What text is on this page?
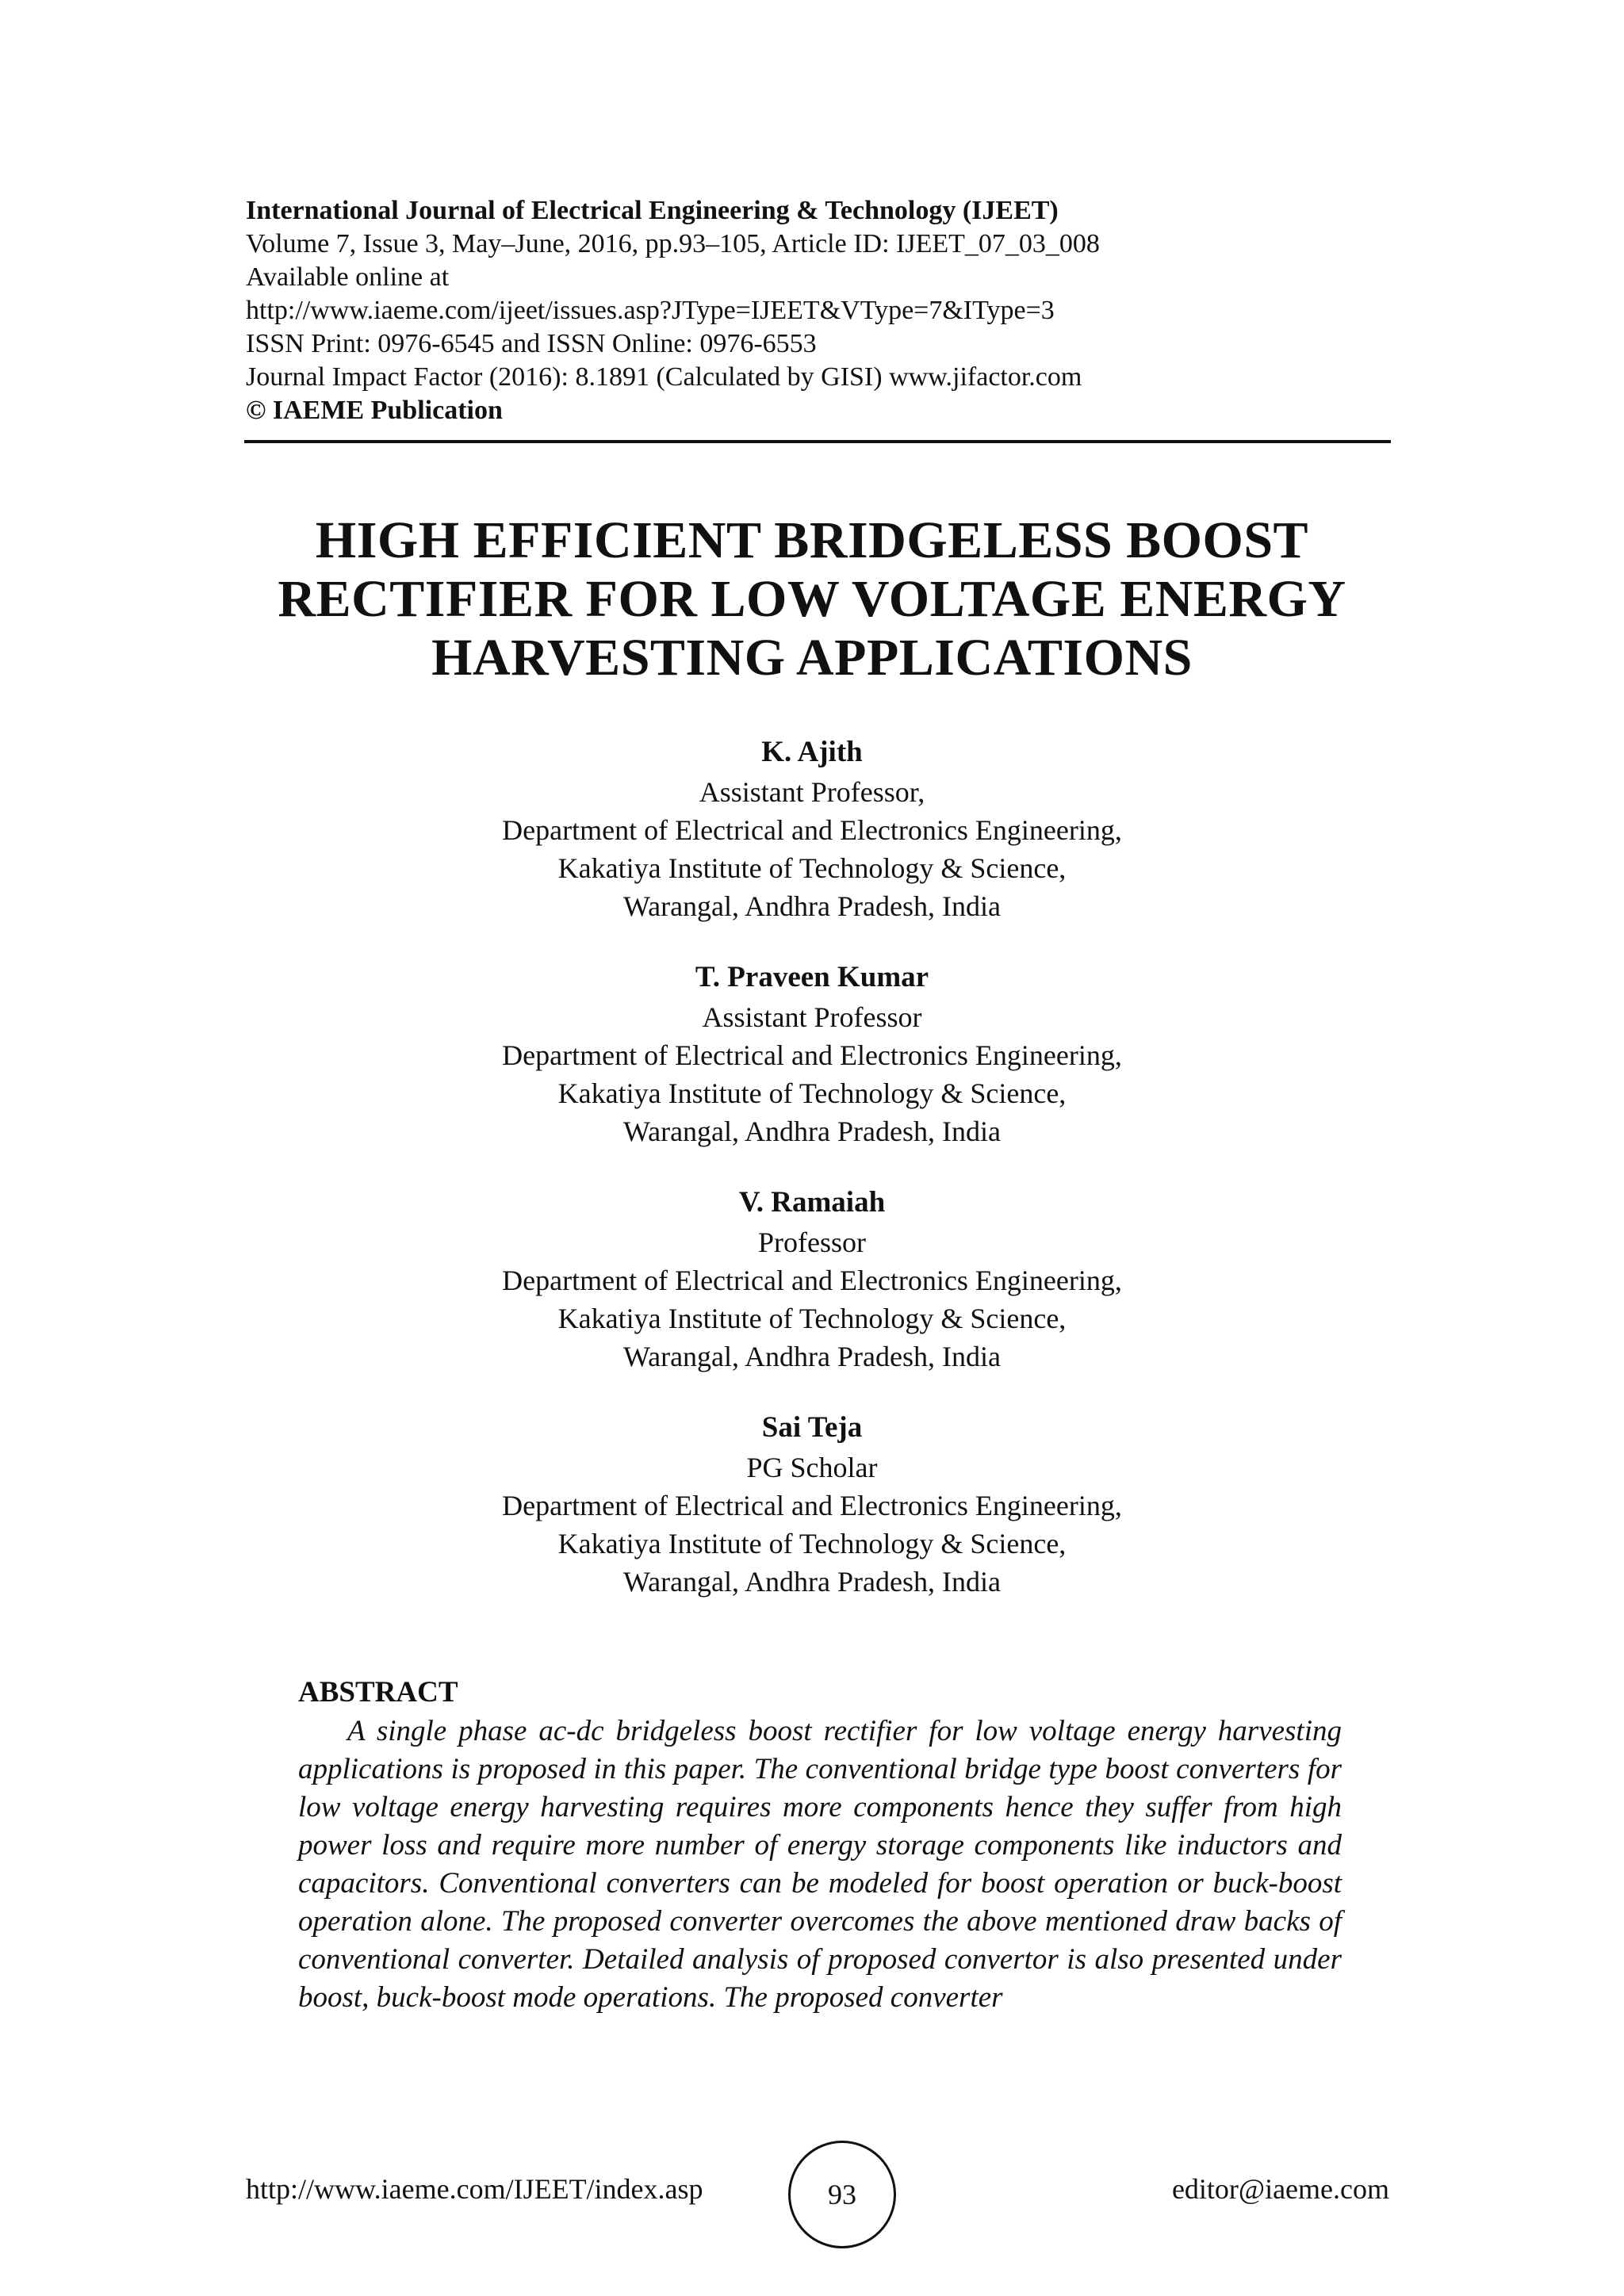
International Journal of Electrical Engineering & Technology (IJEET)
Volume 7, Issue 3, May–June, 2016, pp.93–105, Article ID: IJEET_07_03_008
Available online at
http://www.iaeme.com/ijeet/issues.asp?JType=IJEET&VType=7&IType=3
ISSN Print: 0976-6545 and ISSN Online: 0976-6553
Journal Impact Factor (2016): 8.1891 (Calculated by GISI) www.jifactor.com
© IAEME Publication
HIGH EFFICIENT BRIDGELESS BOOST
RECTIFIER FOR LOW VOLTAGE ENERGY
HARVESTING APPLICATIONS
K. Ajith
Assistant Professor,
Department of Electrical and Electronics Engineering,
Kakatiya Institute of Technology & Science,
Warangal, Andhra Pradesh, India
T. Praveen Kumar
Assistant Professor
Department of Electrical and Electronics Engineering,
Kakatiya Institute of Technology & Science,
Warangal, Andhra Pradesh, India
V. Ramaiah
Professor
Department of Electrical and Electronics Engineering,
Kakatiya Institute of Technology & Science,
Warangal, Andhra Pradesh, India
Sai Teja
PG Scholar
Department of Electrical and Electronics Engineering,
Kakatiya Institute of Technology & Science,
Warangal, Andhra Pradesh, India
ABSTRACT

A single phase ac-dc bridgeless boost rectifier for low voltage energy harvesting applications is proposed in this paper. The conventional bridge type boost converters for low voltage energy harvesting requires more components hence they suffer from high power loss and require more number of energy storage components like inductors and capacitors. Conventional converters can be modeled for boost operation or buck-boost operation alone. The proposed converter overcomes the above mentioned draw backs of conventional converter. Detailed analysis of proposed convertor is also presented under boost, buck-boost mode operations. The proposed converter

http://www.iaeme.com/IJEET/index.asp	93	editor@iaeme.com
